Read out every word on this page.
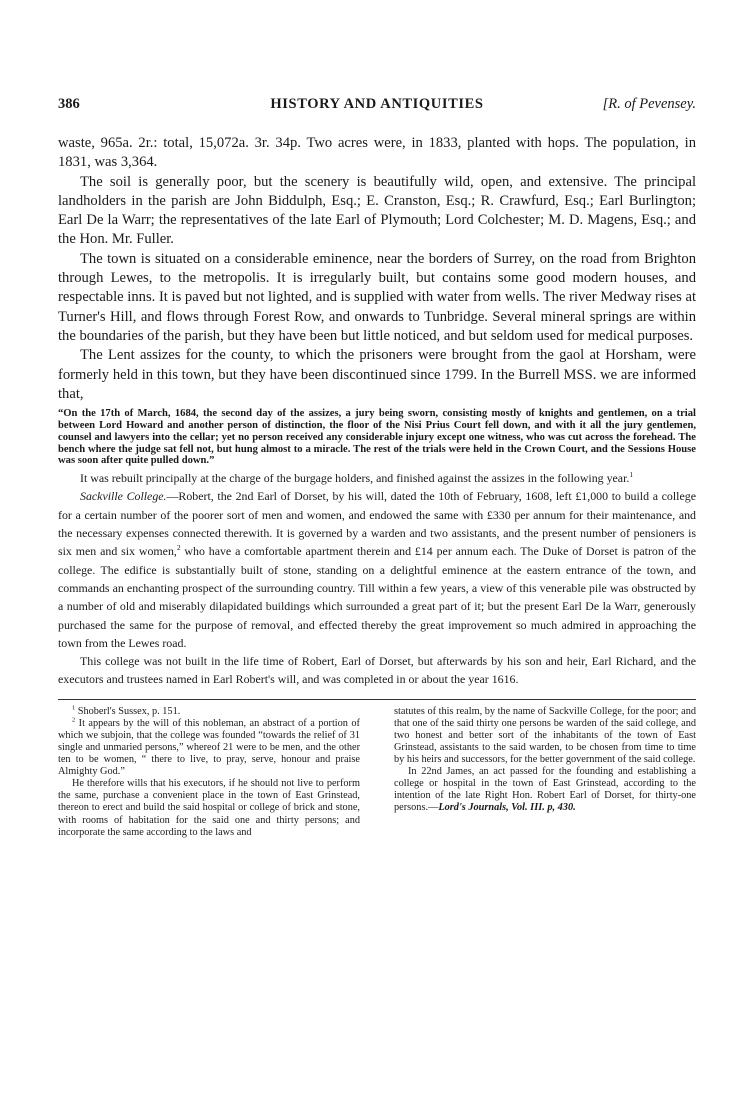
HISTORY AND ANTIQUITIES
386	[R. of Pevensey.

waste, 965a. 2r.: total, 15,072a. 3r. 34p. Two acres were, in 1833, planted with hops. The population, in 1831, was 3,364.

The soil is generally poor, but the scenery is beautifully wild, open, and extensive. The principal landholders in the parish are John Biddulph, Esq.; E. Cranston, Esq.; R. Crawfurd, Esq.; Earl Burlington; Earl De la Warr; the representatives of the late Earl of Plymouth; Lord Colchester; M. D. Magens, Esq.; and the Hon. Mr. Fuller.

The town is situated on a considerable eminence, near the borders of Surrey, on the road from Brighton through Lewes, to the metropolis. It is irregularly built, but contains some good modern houses, and respectable inns. It is paved but not lighted, and is supplied with water from wells. The river Medway rises at Turner's Hill, and flows through Forest Row, and onwards to Tunbridge. Several mineral springs are within the boundaries of the parish, but they have been but little noticed, and but seldom used for medical purposes.

The Lent assizes for the county, to which the prisoners were brought from the gaol at Horsham, were formerly held in this town, but they have been discontinued since 1799. In the Burrell MSS. we are informed that,

“On the 17th of March, 1684, the second day of the assizes, a jury being sworn, consisting mostly of knights and gentlemen, on a trial between Lord Howard and another person of distinction, the floor of the Nisi Prius Court fell down, and with it all the jury gentlemen, counsel and lawyers into the cellar; yet no person received any considerable injury except one witness, who was cut across the forehead. The bench where the judge sat fell not, but hung almost to a miracle. The rest of the trials were held in the Crown Court, and the Sessions House was soon after quite pulled down.”

It was rebuilt principally at the charge of the burgage holders, and finished against the assizes in the following year.$^1$

Sackville College.—Robert, the 2nd Earl of Dorset, by his will, dated the 10th of February, 1608, left £1,000 to build a college for a certain number of the poorer sort of men and women, and endowed the same with £330 per annum for their maintenance, and the necessary expenses connected therewith. It is governed by a warden and two assistants, and the present number of pensioners is six men and six women,$^2$ who have a comfortable apartment therein and £14 per annum each. The Duke of Dorset is patron of the college. The edifice is substantially built of stone, standing on a delightful eminence at the eastern entrance of the town, and commands an enchanting prospect of the surrounding country. Till within a few years, a view of this venerable pile was obstructed by a number of old and miserably dilapidated buildings which surrounded a great part of it; but the present Earl De la Warr, generously purchased the same for the purpose of removal, and effected thereby the great improvement so much admired in approaching the town from the Lewes road.

This college was not built in the life time of Robert, Earl of Dorset, but afterwards by his son and heir, Earl Richard, and the executors and trustees named in Earl Robert's will, and was completed in or about the year 1616.

$^1$ Shoberl's Sussex, p. 151.

$^2$ It appears by the will of this nobleman, an abstract of a portion of which we subjoin, that the college was founded “towards the relief of 31 single and unmaried persons,” whereof 21 were to be men, and the other ten to be women, “ there to live, to pray, serve, honour and praise Almighty God.”

He therefore wills that his executors, if he should not live to perform the same, purchase a convenient place in the town of East Grinstead, thereon to erect and build the said hospital or college of brick and stone, with rooms of habitation for the said one and thirty persons; and incorporate the same according to the laws and

statutes of this realm, by the name of Sackville College, for the poor; and that one of the said thirty one persons be warden of the said college, and two honest and better sort of the inhabitants of the town of East Grinstead, assistants to the said warden, to be chosen from time to time by his heirs and successors, for the better government of the said college.

In 22nd James, an act passed for the founding and establishing a college or hospital in the town of East Grinstead, according to the intention of the late Right Hon. Robert Earl of Dorset, for thirty-one persons.—Lord's Journals, Vol. III. p, 430.
